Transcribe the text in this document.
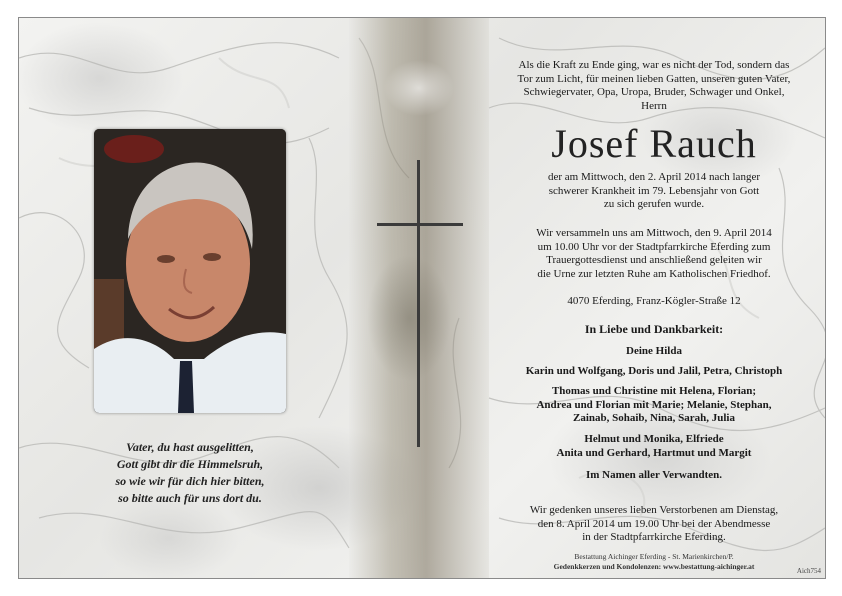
Vater, du hast ausgelitten,
Gott gibt dir die Himmelsruh,
so wie wir für dich hier bitten,
so bitte auch für uns dort du.
Als die Kraft zu Ende ging, war es nicht der Tod, sondern das
Tor zum Licht, für meinen lieben Gatten, unseren guten Vater,
Schwiegervater, Opa, Uropa, Bruder, Schwager und Onkel,
Herrn
Josef Rauch
der am Mittwoch, den 2. April 2014 nach langer
schwerer Krankheit im 79. Lebensjahr von Gott
zu sich gerufen wurde.
Wir versammeln uns am Mittwoch, den 9. April 2014
um 10.00 Uhr vor der Stadtpfarrkirche Eferding zum
Trauergottesdienst und anschließend geleiten wir
die Urne zur letzten Ruhe am Katholischen Friedhof.
4070 Eferding, Franz-Kögler-Straße 12
In Liebe und Dankbarkeit:
Deine Hilda
Karin und Wolfgang, Doris und Jalil, Petra, Christoph
Thomas und Christine mit Helena, Florian;
Andrea und Florian mit Marie; Melanie, Stephan,
Zainab, Sohaib, Nina, Sarah, Julia
Helmut und Monika, Elfriede
Anita und Gerhard, Hartmut und Margit
Im Namen aller Verwandten.
Wir gedenken unseres lieben Verstorbenen am Dienstag,
den 8. April 2014 um 19.00 Uhr bei der Abendmesse
in der Stadtpfarrkirche Eferding.
Bestattung Aichinger Eferding - St. Marienkirchen/P.
Gedenkkerzen und Kondolenzen: www.bestattung-aichinger.at
Aich754
